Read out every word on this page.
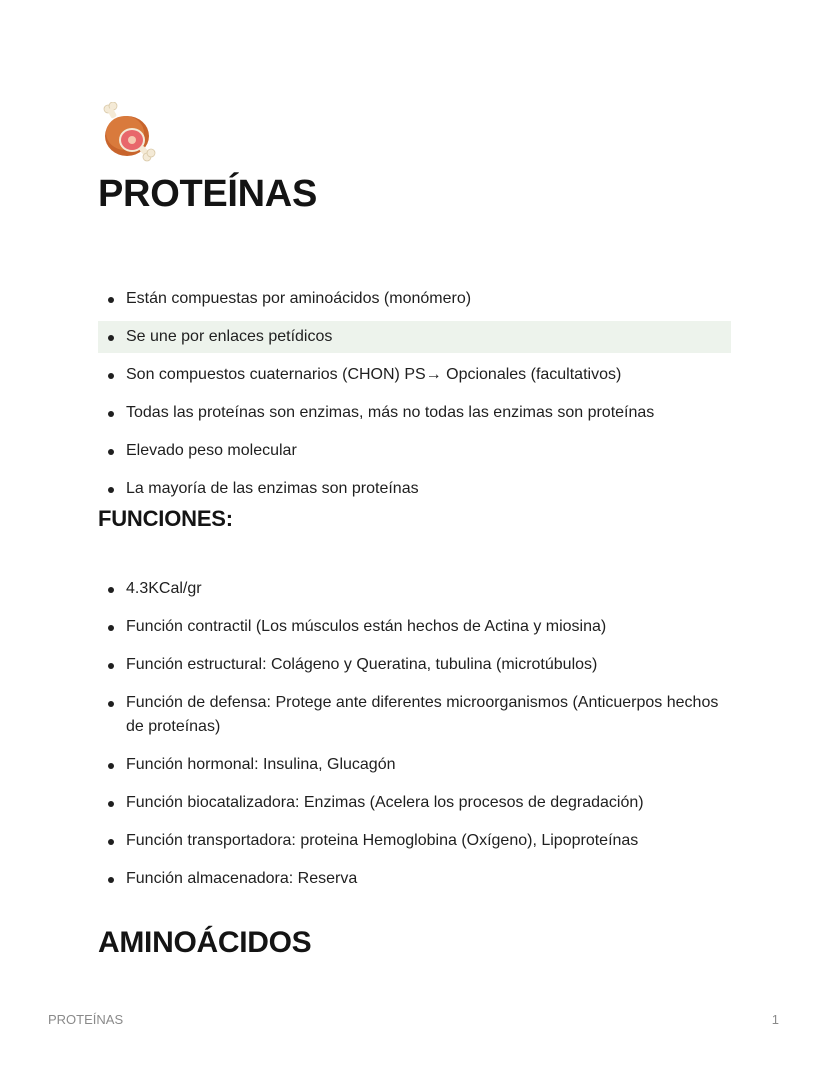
PROTEÍNAS
Están compuestas por aminoácidos (monómero)
Se une por enlaces petídicos
Son compuestos cuaternarios (CHON) PS→ Opcionales (facultativos)
Todas las proteínas son enzimas, más no todas las enzimas son proteínas
Elevado peso molecular
La mayoría de las enzimas son proteínas
FUNCIONES:
4.3KCal/gr
Función contractil (Los músculos están hechos de Actina y miosina)
Función estructural: Colágeno y Queratina, tubulina (microtúbulos)
Función de defensa: Protege ante diferentes microorganismos (Anticuerpos hechos de proteínas)
Función hormonal: Insulina, Glucagón
Función biocatalizadora: Enzimas (Acelera los procesos de degradación)
Función transportadora: proteina Hemoglobina (Oxígeno), Lipoproteínas
Función almacenadora: Reserva
AMINOÁCIDOS
PROTEÍNAS	1
